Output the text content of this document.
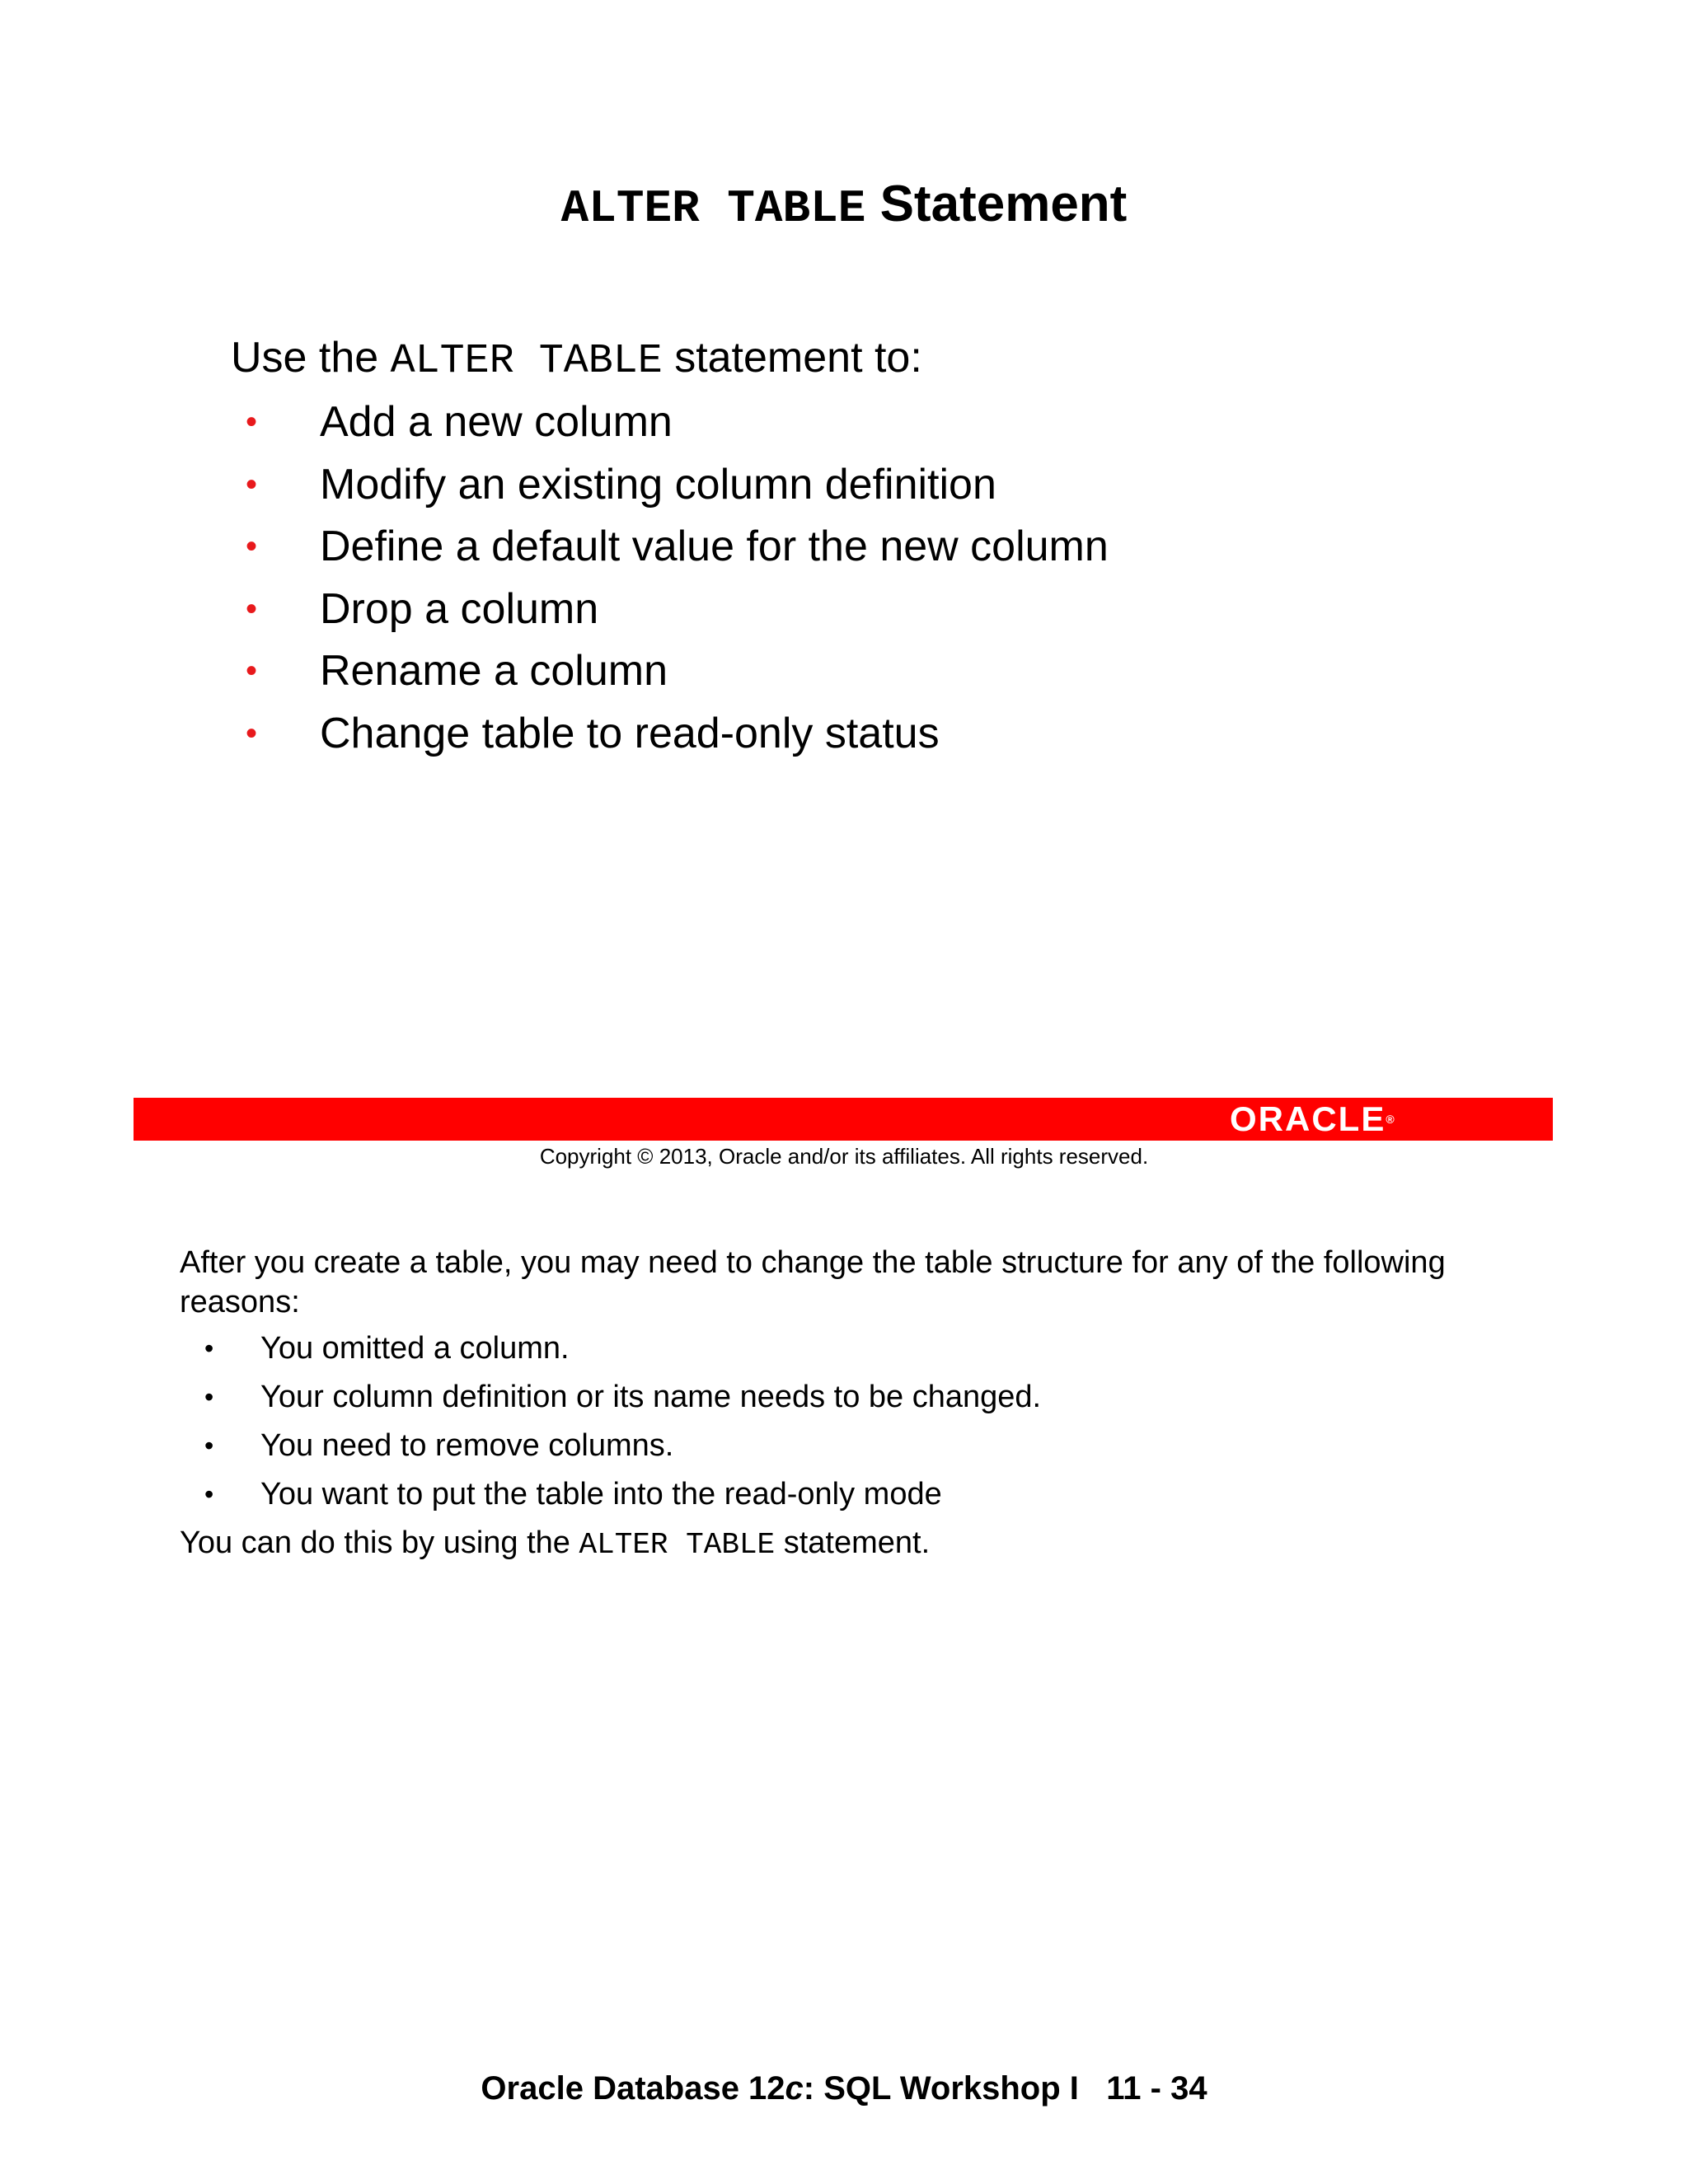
ALTER TABLE Statement
Use the ALTER TABLE statement to:
• Add a new column
• Modify an existing column definition
• Define a default value for the new column
• Drop a column
• Rename a column
• Change table to read-only status
ORACLE®
Copyright © 2013, Oracle and/or its affiliates. All rights reserved.

After you create a table, you may need to change the table structure for any of the following reasons:

• You omitted a column.
• Your column definition or its name needs to be changed.
• You need to remove columns.
• You want to put the table into the read-only mode

You can do this by using the ALTER TABLE statement.

Oracle Database 12c: SQL Workshop I   11 - 34
